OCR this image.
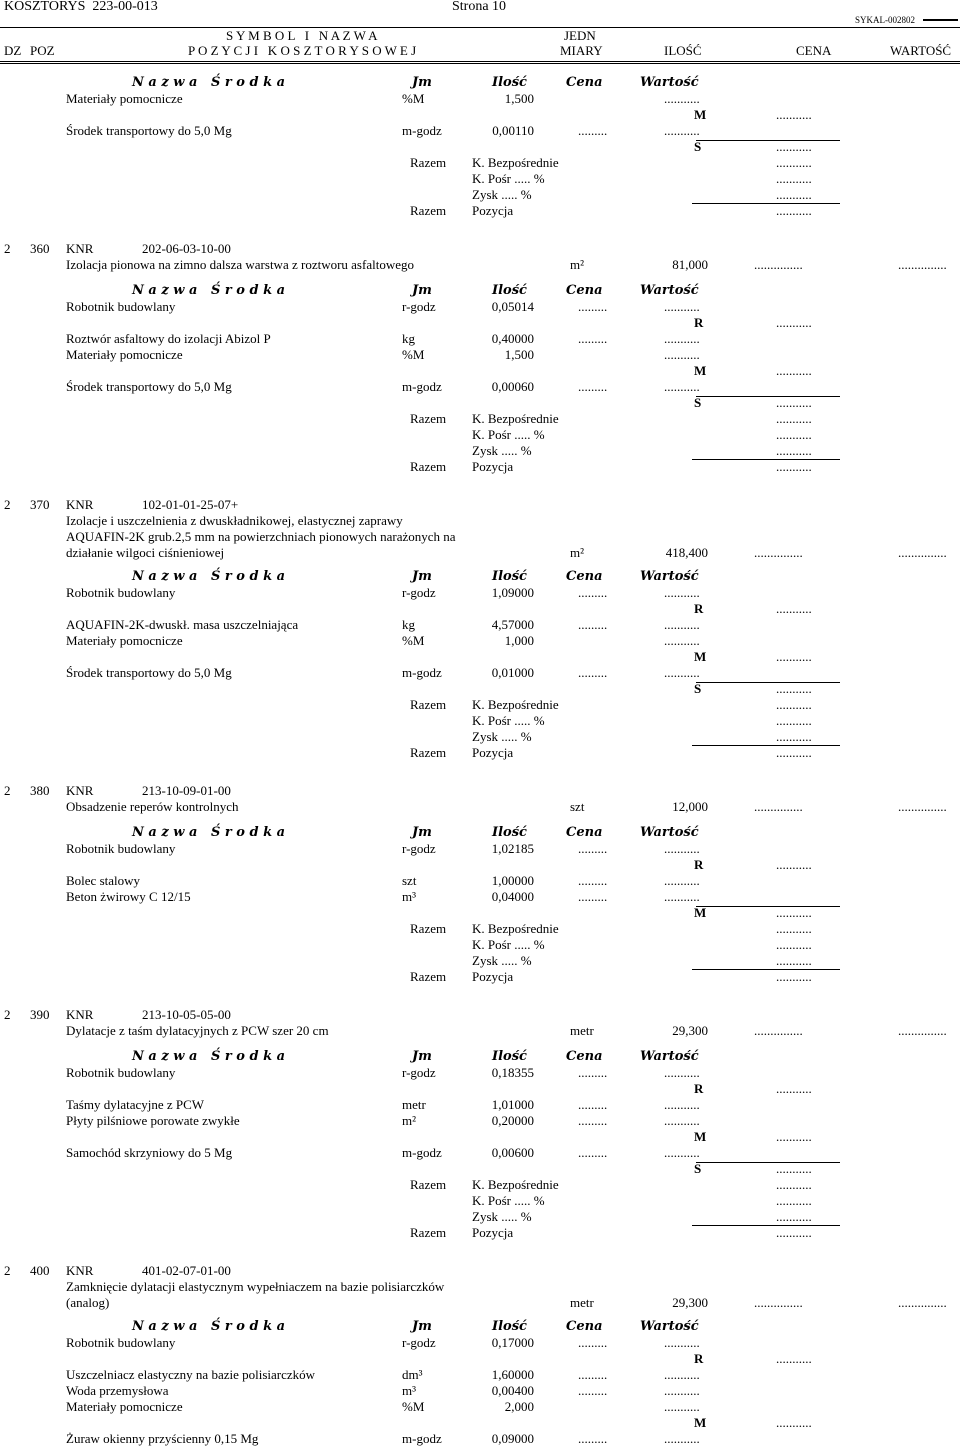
KOSZTORYS  223-00-013	Strona 10
SYKAL-002802
S Y M B O L   I   N A Z W A	JEDN
DZ POZ	P O Z Y C J I   K O S Z T O R Y S O W E J	MIARY	ILOŚĆ	CENA	WARTOŚĆ
N a z w a   Ś r o d k a	Jm	Ilość	Cena	Wartość
Materiały pomocnicze	%M	1,500	...........
M	...........
Środek transportowy do 5,0 Mg	m-godz	0,00110	.........	...........
S	...........
Razem K. Bezpośrednie	...........
K. Pośr ..... %	...........
Zysk ..... %	...........
Razem Pozycja	...........
2 360 KNR	202-06-03-10-00
Izolacja pionowa na zimno dalsza warstwa z roztworu asfaltowego	m²	81,000	...............	...............
N a z w a   Ś r o d k a	Jm	Ilość	Cena	Wartość
Robotnik budowlany	r-godz	0,05014	.........	...........
R	...........
Roztwór asfaltowy do izolacji Abizol P	kg	0,40000	.........	...........
Materiały pomocnicze	%M	1,500	...........
M	...........
Środek transportowy do 5,0 Mg	m-godz	0,00060	.........	...........
S	...........
Razem K. Bezpośrednie	...........
K. Pośr ..... %	...........
Zysk ..... %	...........
Razem Pozycja	...........
2 370 KNR	102-01-01-25-07+
Izolacje i uszczelnienia z dwuskładnikowej, elastycznej zaprawy
AQUAFIN-2K grub.2,5 mm na powierzchniach pionowych narażonych na
działanie wilgoci ciśnieniowej	m²	418,400	...............	...............
N a z w a   Ś r o d k a	Jm	Ilość	Cena	Wartość
Robotnik budowlany	r-godz	1,09000	.........	...........
R	...........
AQUAFIN-2K-dwuskł. masa uszczelniająca	kg	4,57000	.........	...........
Materiały pomocnicze	%M	1,000	...........
M	...........
Środek transportowy do 5,0 Mg	m-godz	0,01000	.........	...........
S	...........
Razem K. Bezpośrednie	...........
K. Pośr ..... %	...........
Zysk ..... %	...........
Razem Pozycja	...........
2 380 KNR	213-10-09-01-00
Obsadzenie reperów kontrolnych	szt	12,000	...............	...............
N a z w a   Ś r o d k a	Jm	Ilość	Cena	Wartość
Robotnik budowlany	r-godz	1,02185	.........	...........
R	...........
Bolec stalowy	szt	1,00000	.........	...........
Beton żwirowy C 12/15	m³	0,04000	.........	...........
M	...........
Razem K. Bezpośrednie	...........
K. Pośr ..... %	...........
Zysk ..... %	...........
Razem Pozycja	...........
2 390 KNR	213-10-05-05-00
Dylatacje z taśm dylatacyjnych z PCW szer 20 cm	metr	29,300	...............	...............
N a z w a   Ś r o d k a	Jm	Ilość	Cena	Wartość
Robotnik budowlany	r-godz	0,18355	.........	...........
R	...........
Taśmy dylatacyjne z PCW	metr	1,01000	.........	...........
Płyty pilśniowe porowate zwykłe	m²	0,20000	.........	...........
M	...........
Samochód skrzyniowy do 5 Mg	m-godz	0,00600	.........	...........
S	...........
Razem K. Bezpośrednie	...........
K. Pośr ..... %	...........
Zysk ..... %	...........
Razem Pozycja	...........
2 400 KNR	401-02-07-01-00
Zamknięcie dylatacji elastycznym wypełniaczem na bazie polisiarczków
(analog)	metr	29,300	...............	...............
N a z w a   Ś r o d k a	Jm	Ilość	Cena	Wartość
Robotnik budowlany	r-godz	0,17000	.........	...........
R	...........
Uszczelniacz elastyczny na bazie polisiarczków	dm³	1,60000	.........	...........
Woda przemysłowa	m³	0,00400	.........	...........
Materiały pomocnicze	%M	2,000	...........
M	...........
Żuraw okienny przyścienny 0,15 Mg	m-godz	0,09000	.........	...........
